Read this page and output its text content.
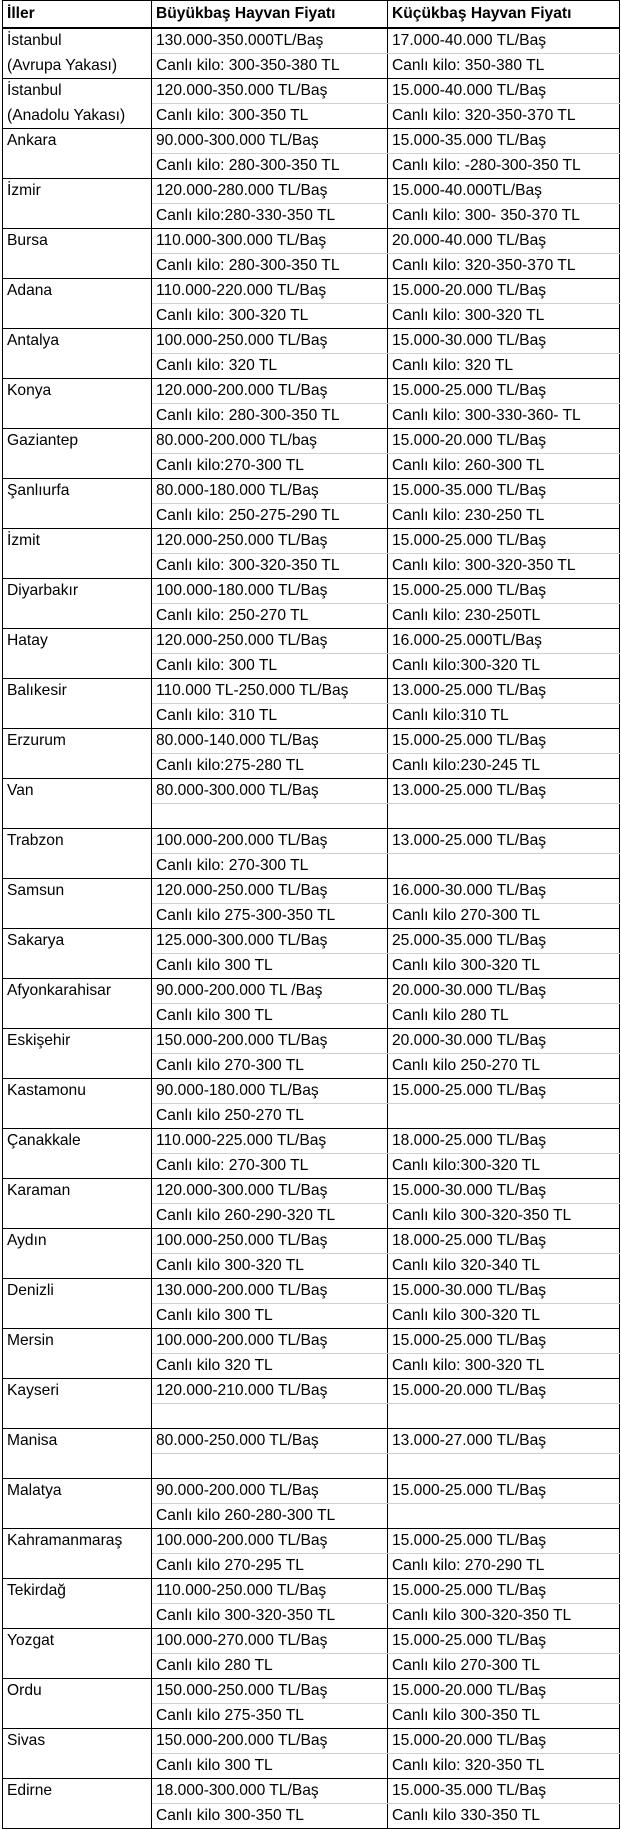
İller	Büyükbaş Hayvan Fiyatı	Küçükbaş Hayvan Fiyatı
İstanbul	130.000-350.000TL/Baş	17.000-40.000 TL/Baş
(Avrupa Yakası)	Canlı kilo: 300-350-380 TL	Canlı kilo: 350-380 TL
İstanbul	120.000-350.000 TL/Baş	15.000-40.000 TL/Baş
(Anadolu Yakası)	Canlı kilo: 300-350 TL	Canlı kilo: 320-350-370 TL
Ankara	90.000-300.000 TL/Baş	15.000-35.000 TL/Baş
	Canlı kilo: 280-300-350 TL	Canlı kilo: -280-300-350 TL
İzmir	120.000-280.000 TL/Baş	15.000-40.000TL/Baş
	Canlı kilo:280-330-350 TL	Canlı kilo: 300- 350-370 TL
Bursa	110.000-300.000 TL/Baş	20.000-40.000 TL/Baş
	Canlı kilo: 280-300-350 TL	Canlı kilo: 320-350-370 TL
Adana	110.000-220.000 TL/Baş	15.000-20.000 TL/Baş
	Canlı kilo: 300-320 TL	Canlı kilo: 300-320 TL
Antalya	100.000-250.000 TL/Baş	15.000-30.000 TL/Baş
	Canlı kilo: 320 TL	Canlı kilo: 320 TL
Konya	120.000-200.000 TL/Baş	15.000-25.000 TL/Baş
	Canlı kilo: 280-300-350 TL	Canlı kilo: 300-330-360- TL
Gaziantep	80.000-200.000 TL/baş	15.000-20.000 TL/Baş
	Canlı kilo:270-300 TL	Canlı kilo: 260-300 TL
Şanlıurfa	80.000-180.000 TL/Baş	15.000-35.000 TL/Baş
	Canlı kilo: 250-275-290 TL	Canlı kilo: 230-250 TL
İzmit	120.000-250.000 TL/Baş	15.000-25.000 TL/Baş
	Canlı kilo: 300-320-350 TL	Canlı kilo: 300-320-350 TL
Diyarbakır	100.000-180.000 TL/Baş	15.000-25.000 TL/Baş
	Canlı kilo: 250-270 TL	Canlı kilo: 230-250TL
Hatay	120.000-250.000 TL/Baş	16.000-25.000TL/Baş
	Canlı kilo: 300 TL	Canlı kilo:300-320 TL
Balıkesir	110.000 TL-250.000 TL/Baş	13.000-25.000 TL/Baş
	Canlı kilo: 310 TL	Canlı kilo:310 TL
Erzurum	80.000-140.000 TL/Baş	15.000-25.000 TL/Baş
	Canlı kilo:275-280 TL	Canlı kilo:230-245 TL
Van	80.000-300.000 TL/Baş	13.000-25.000 TL/Baş

Trabzon	100.000-200.000 TL/Baş	13.000-25.000 TL/Baş
	Canlı kilo: 270-300 TL	
Samsun	120.000-250.000 TL/Baş	16.000-30.000 TL/Baş
	Canlı kilo 275-300-350 TL	Canlı kilo 270-300 TL
Sakarya	125.000-300.000 TL/Baş	25.000-35.000 TL/Baş
	Canlı kilo 300 TL	Canlı kilo 300-320 TL
Afyonkarahisar	90.000-200.000 TL /Baş	20.000-30.000 TL/Baş
	Canlı kilo 300 TL	Canlı kilo 280 TL
Eskişehir	150.000-200.000 TL/Baş	20.000-30.000 TL/Baş
	Canlı kilo 270-300 TL	Canlı kilo 250-270 TL
Kastamonu	90.000-180.000 TL/Baş	15.000-25.000 TL/Baş
	Canlı kilo 250-270 TL	
Çanakkale	110.000-225.000 TL/Baş	18.000-25.000 TL/Baş
	Canlı kilo: 270-300 TL	Canlı kilo:300-320 TL
Karaman	120.000-300.000 TL/Baş	15.000-30.000 TL/Baş
	Canlı kilo 260-290-320 TL	Canlı kilo 300-320-350 TL
Aydın	100.000-250.000 TL/Baş	18.000-25.000 TL/Baş
	Canlı kilo 300-320 TL	Canlı kilo 320-340 TL
Denizli	130.000-200.000 TL/Baş	15.000-30.000 TL/Baş
	Canlı kilo 300 TL	Canlı kilo 300-320 TL
Mersin	100.000-200.000 TL/Baş	15.000-25.000 TL/Baş
	Canlı kilo 320 TL	Canlı kilo: 300-320 TL
Kayseri	120.000-210.000 TL/Baş	15.000-20.000 TL/Baş

Manisa	80.000-250.000 TL/Baş	13.000-27.000 TL/Baş

Malatya	90.000-200.000 TL/Baş	15.000-25.000 TL/Baş
	Canlı kilo 260-280-300 TL	
Kahramanmaraş	100.000-200.000 TL/Baş	15.000-25.000 TL/Baş
	Canlı kilo 270-295 TL	Canlı kilo: 270-290 TL
Tekirdağ	110.000-250.000 TL/Baş	15.000-25.000 TL/Baş
	Canlı kilo 300-320-350 TL	Canlı kilo 300-320-350 TL
Yozgat	100.000-270.000 TL/Baş	15.000-25.000 TL/Baş
	Canlı kilo 280 TL	Canlı kilo 270-300 TL
Ordu	150.000-250.000 TL/Baş	15.000-20.000 TL/Baş
	Canlı kilo 275-350 TL	Canlı kilo 300-350 TL
Sivas	150.000-200.000 TL/Baş	15.000-20.000 TL/Baş
	Canlı kilo 300 TL	Canlı kilo: 320-350 TL
Edirne	18.000-300.000 TL/Baş	15.000-35.000 TL/Baş
	Canlı kilo 300-350 TL	Canlı kilo 330-350 TL
